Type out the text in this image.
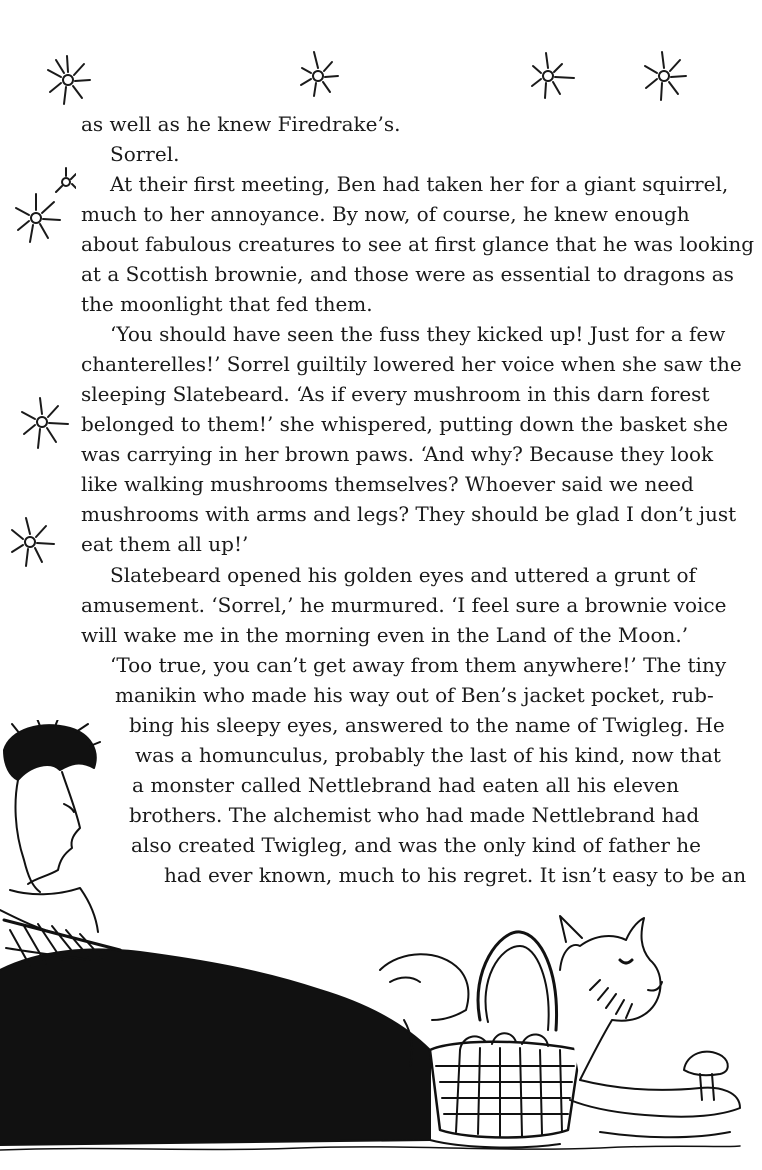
as well as he knew Firedrake’s.
Sorrel.
At their first meeting, Ben had taken her for a giant squirrel,
much to her annoyance. By now, of course, he knew enough
about fabulous creatures to see at first glance that he was looking
at a Scottish brownie, and those were as essential to dragons as
the moonlight that fed them.
‘You should have seen the fuss they kicked up! Just for a few
chanterelles!’ Sorrel guiltily lowered her voice when she saw the
sleeping Slatebeard. ‘As if every mushroom in this darn forest
belonged to them!’ she whispered, putting down the basket she
was carrying in her brown paws. ‘And why? Because they look
like walking mushrooms themselves? Whoever said we need
mushrooms with arms and legs? They should be glad I don’t just
eat them all up!’
Slatebeard opened his golden eyes and uttered a grunt of
amusement. ‘Sorrel,’ he murmured. ‘I feel sure a brownie voice
will wake me in the morning even in the Land of the Moon.’
‘Too true, you can’t get away from them anywhere!’ The tiny
manikin who made his way out of Ben’s jacket pocket, rub-
bing his sleepy eyes, answered to the name of Twigleg. He
was a homunculus, probably the last of his kind, now that
a monster called Nettlebrand had eaten all his eleven
brothers. The alchemist who had made Nettlebrand had
also created Twigleg, and was the only kind of father he
had ever known, much to his regret. It isn’t easy to be an
